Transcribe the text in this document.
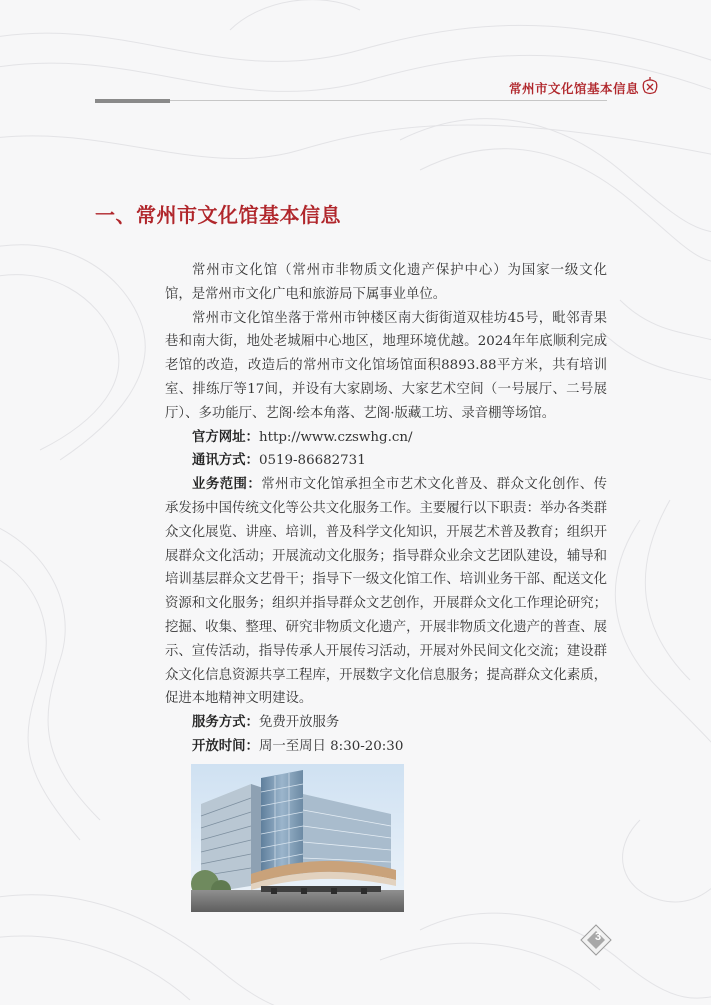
常州市文化馆基本信息
一、常州市文化馆基本信息

常州市文化馆（常州市非物质文化遗产保护中心）为国家一级文化馆，是常州市文化广电和旅游局下属事业单位。

常州市文化馆坐落于常州市钟楼区南大街街道双桂坊45号，毗邻青果巷和南大街，地处老城厢中心地区，地理环境优越。2024年年底顺利完成老馆的改造，改造后的常州市文化馆场馆面积8893.88平方米，共有培训室、排练厅等17间，并设有大家剧场、大家艺术空间（一号展厅、二号展厅）、多功能厅、艺阁·绘本角落、艺阁·版藏工坊、录音棚等场馆。

官方网址：http://www.czswhg.cn/

通讯方式：0519-86682731

业务范围：常州市文化馆承担全市艺术文化普及、群众文化创作、传承发扬中国传统文化等公共文化服务工作。主要履行以下职责：举办各类群众文化展览、讲座、培训，普及科学文化知识，开展艺术普及教育；组织开展群众文化活动；开展流动文化服务；指导群众业余文艺团队建设，辅导和培训基层群众文艺骨干；指导下一级文化馆工作、培训业务干部、配送文化资源和文化服务；组织并指导群众文艺创作，开展群众文化工作理论研究；挖掘、收集、整理、研究非物质文化遗产，开展非物质文化遗产的普查、展示、宣传活动，指导传承人开展传习活动，开展对外民间文化交流；建设群众文化信息资源共享工程库，开展数字文化信息服务；提高群众文化素质，促进本地精神文明建设。

服务方式：免费开放服务

开放时间：周一至周日 8:30-20:30

3
